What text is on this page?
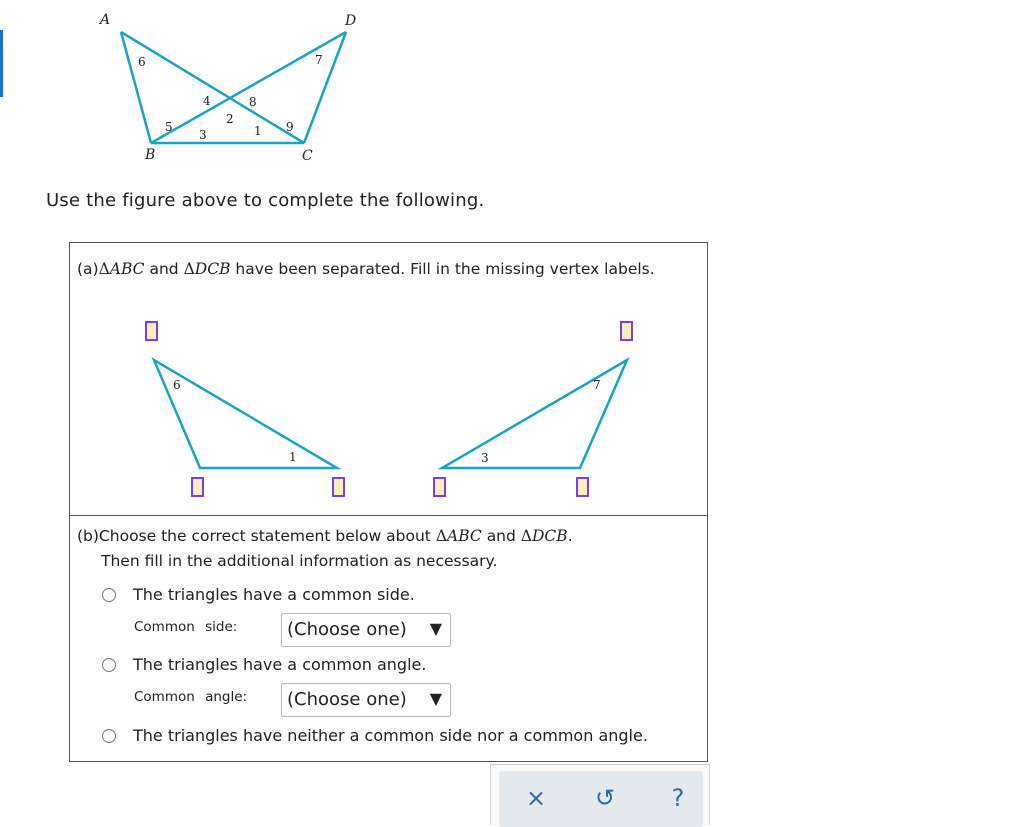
A	D
B	C
6	7
4	8
2
5
3	1 9
Use the figure above to complete the following.
(a)ΔABC and ΔDCB have been separated. Fill in the missing vertex labels.
6
1
7
3
(b)Choose the correct statement below about ΔABC and ΔDCB.
Then fill in the additional information as necessary.
The triangles have a common side.
Common side:	(Choose one) ▼
The triangles have a common angle.
Common angle:	(Choose one) ▼
The triangles have neither a common side nor a common angle.
× ↺	?
